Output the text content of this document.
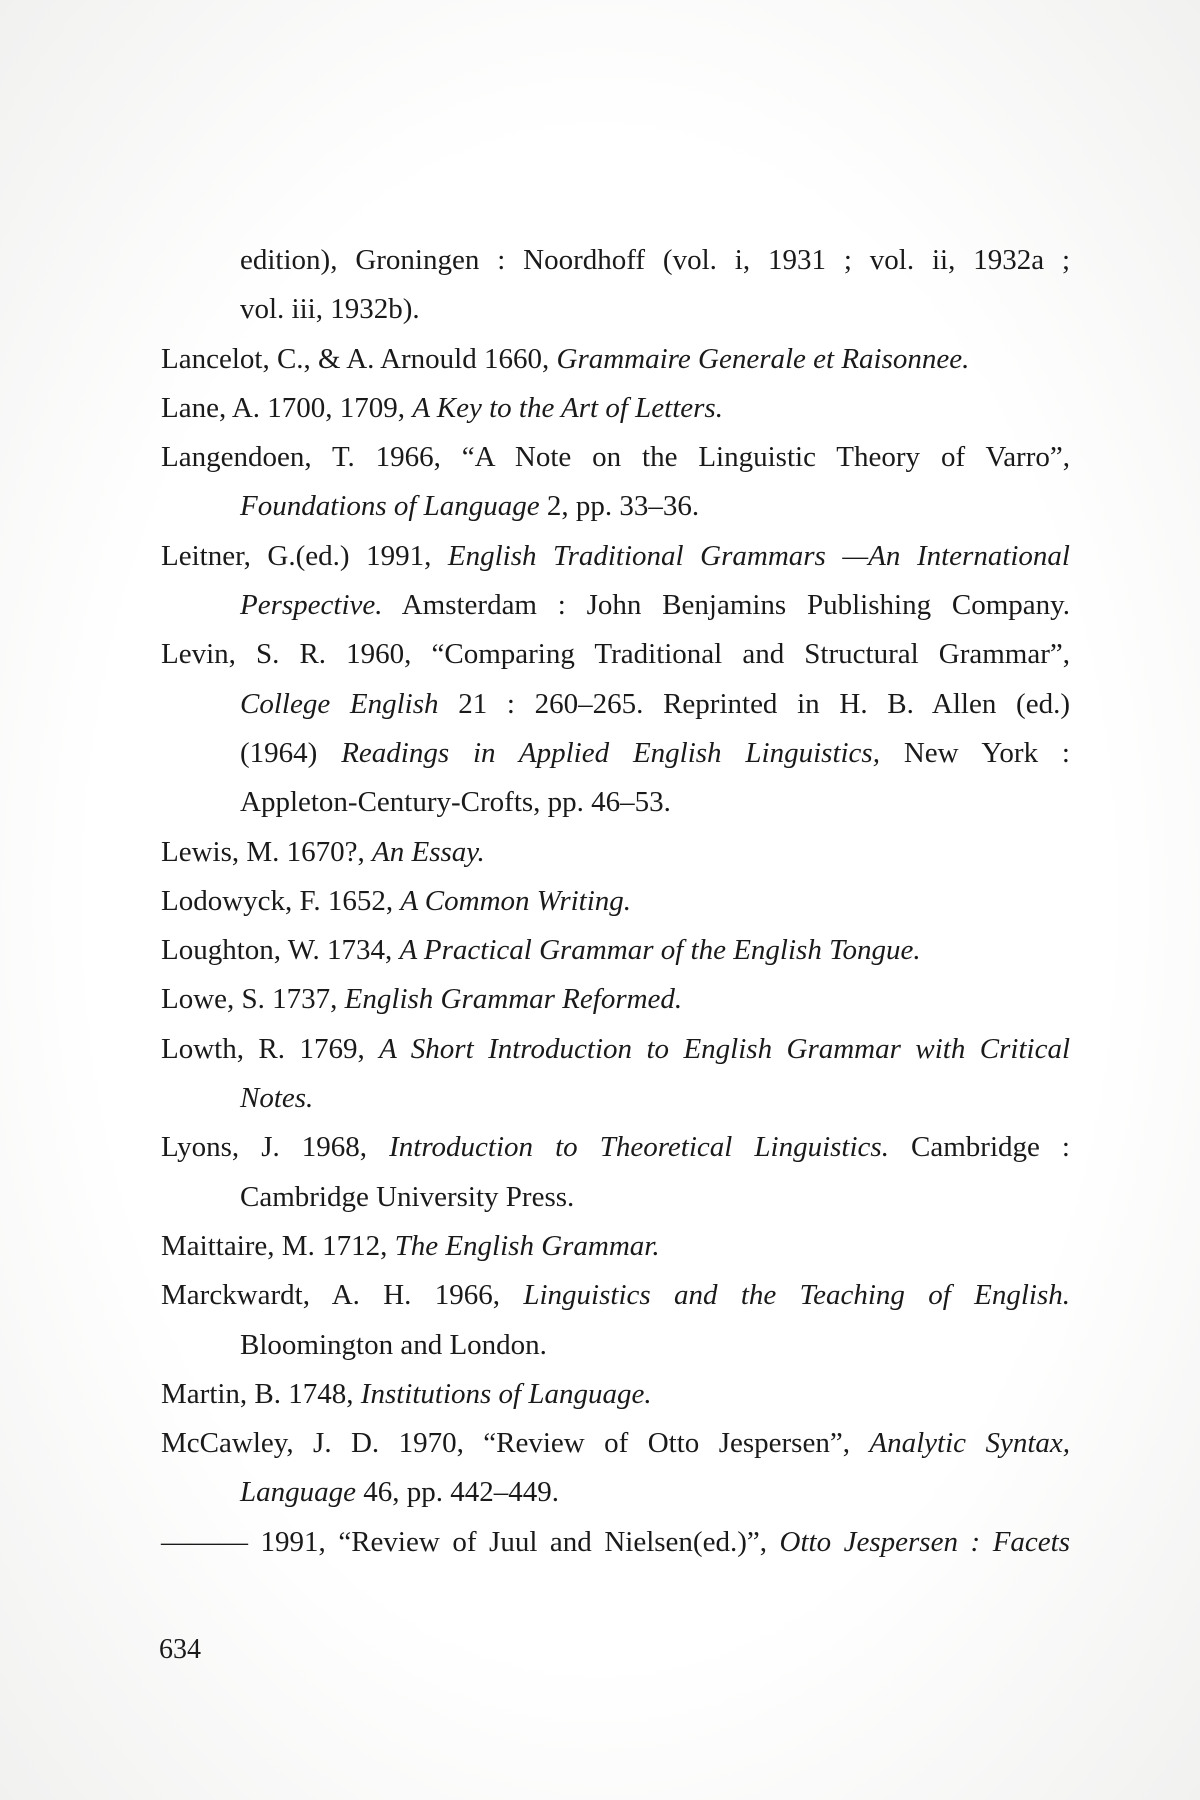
edition), Groningen : Noordhoff (vol. i, 1931 ; vol. ii, 1932a ;
vol. iii, 1932b).
Lancelot, C., & A. Arnould 1660, Grammaire Generale et Raisonnee.
Lane, A. 1700, 1709, A Key to the Art of Letters.
Langendoen, T. 1966, “A Note on the Linguistic Theory of Varro”,
Foundations of Language 2, pp. 33–36.
Leitner, G.(ed.) 1991, English Traditional Grammars —An International
Perspective. Amsterdam : John Benjamins Publishing Company.
Levin, S. R. 1960, “Comparing Traditional and Structural Grammar”,
College English 21 : 260–265. Reprinted in H. B. Allen (ed.)
(1964) Readings in Applied English Linguistics, New York :
Appleton-Century-Crofts, pp. 46–53.
Lewis, M. 1670?, An Essay.
Lodowyck, F. 1652, A Common Writing.
Loughton, W. 1734, A Practical Grammar of the English Tongue.
Lowe, S. 1737, English Grammar Reformed.
Lowth, R. 1769, A Short Introduction to English Grammar with Critical
Notes.
Lyons, J. 1968, Introduction to Theoretical Linguistics. Cambridge :
Cambridge University Press.
Maittaire, M. 1712, The English Grammar.
Marckwardt, A. H. 1966, Linguistics and the Teaching of English.
Bloomington and London.
Martin, B. 1748, Institutions of Language.
McCawley, J. D. 1970, “Review of Otto Jespersen”, Analytic Syntax,
Language 46, pp. 442–449.
——— 1991, “Review of Juul and Nielsen(ed.)”, Otto Jespersen : Facets
634
